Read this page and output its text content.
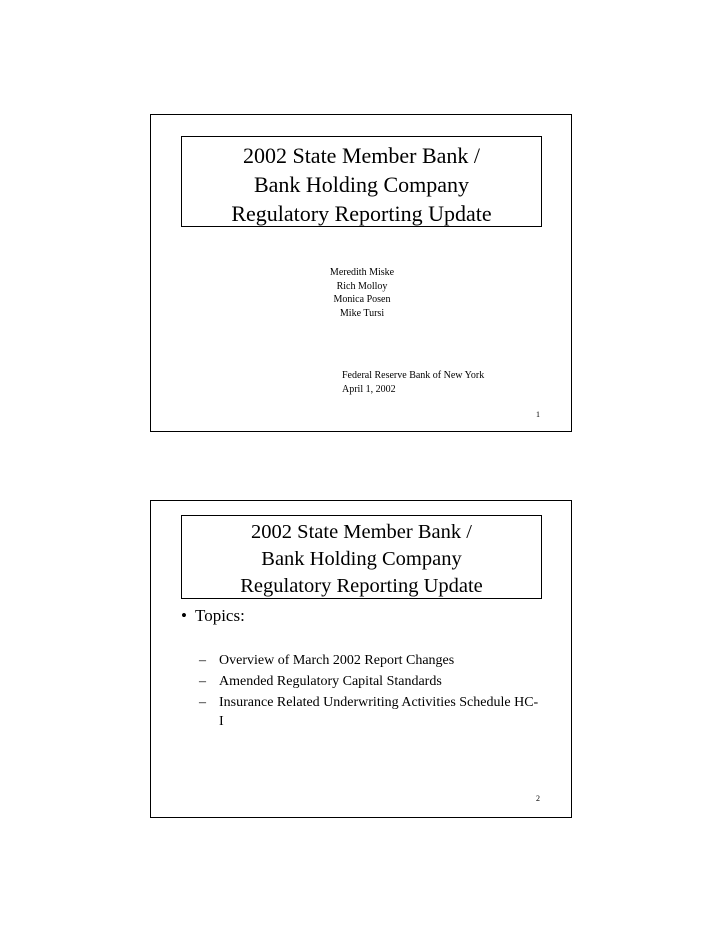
2002 State Member Bank /
Bank Holding Company
Regulatory Reporting Update
Meredith Miske
Rich Molloy
Monica Posen
Mike Tursi
Federal Reserve Bank of New York
April 1, 2002
1
2002 State Member Bank /
Bank Holding Company
Regulatory Reporting Update
• Topics:
– Overview of March 2002 Report Changes
– Amended Regulatory Capital Standards
– Insurance Related Underwriting Activities Schedule HC-I
2
